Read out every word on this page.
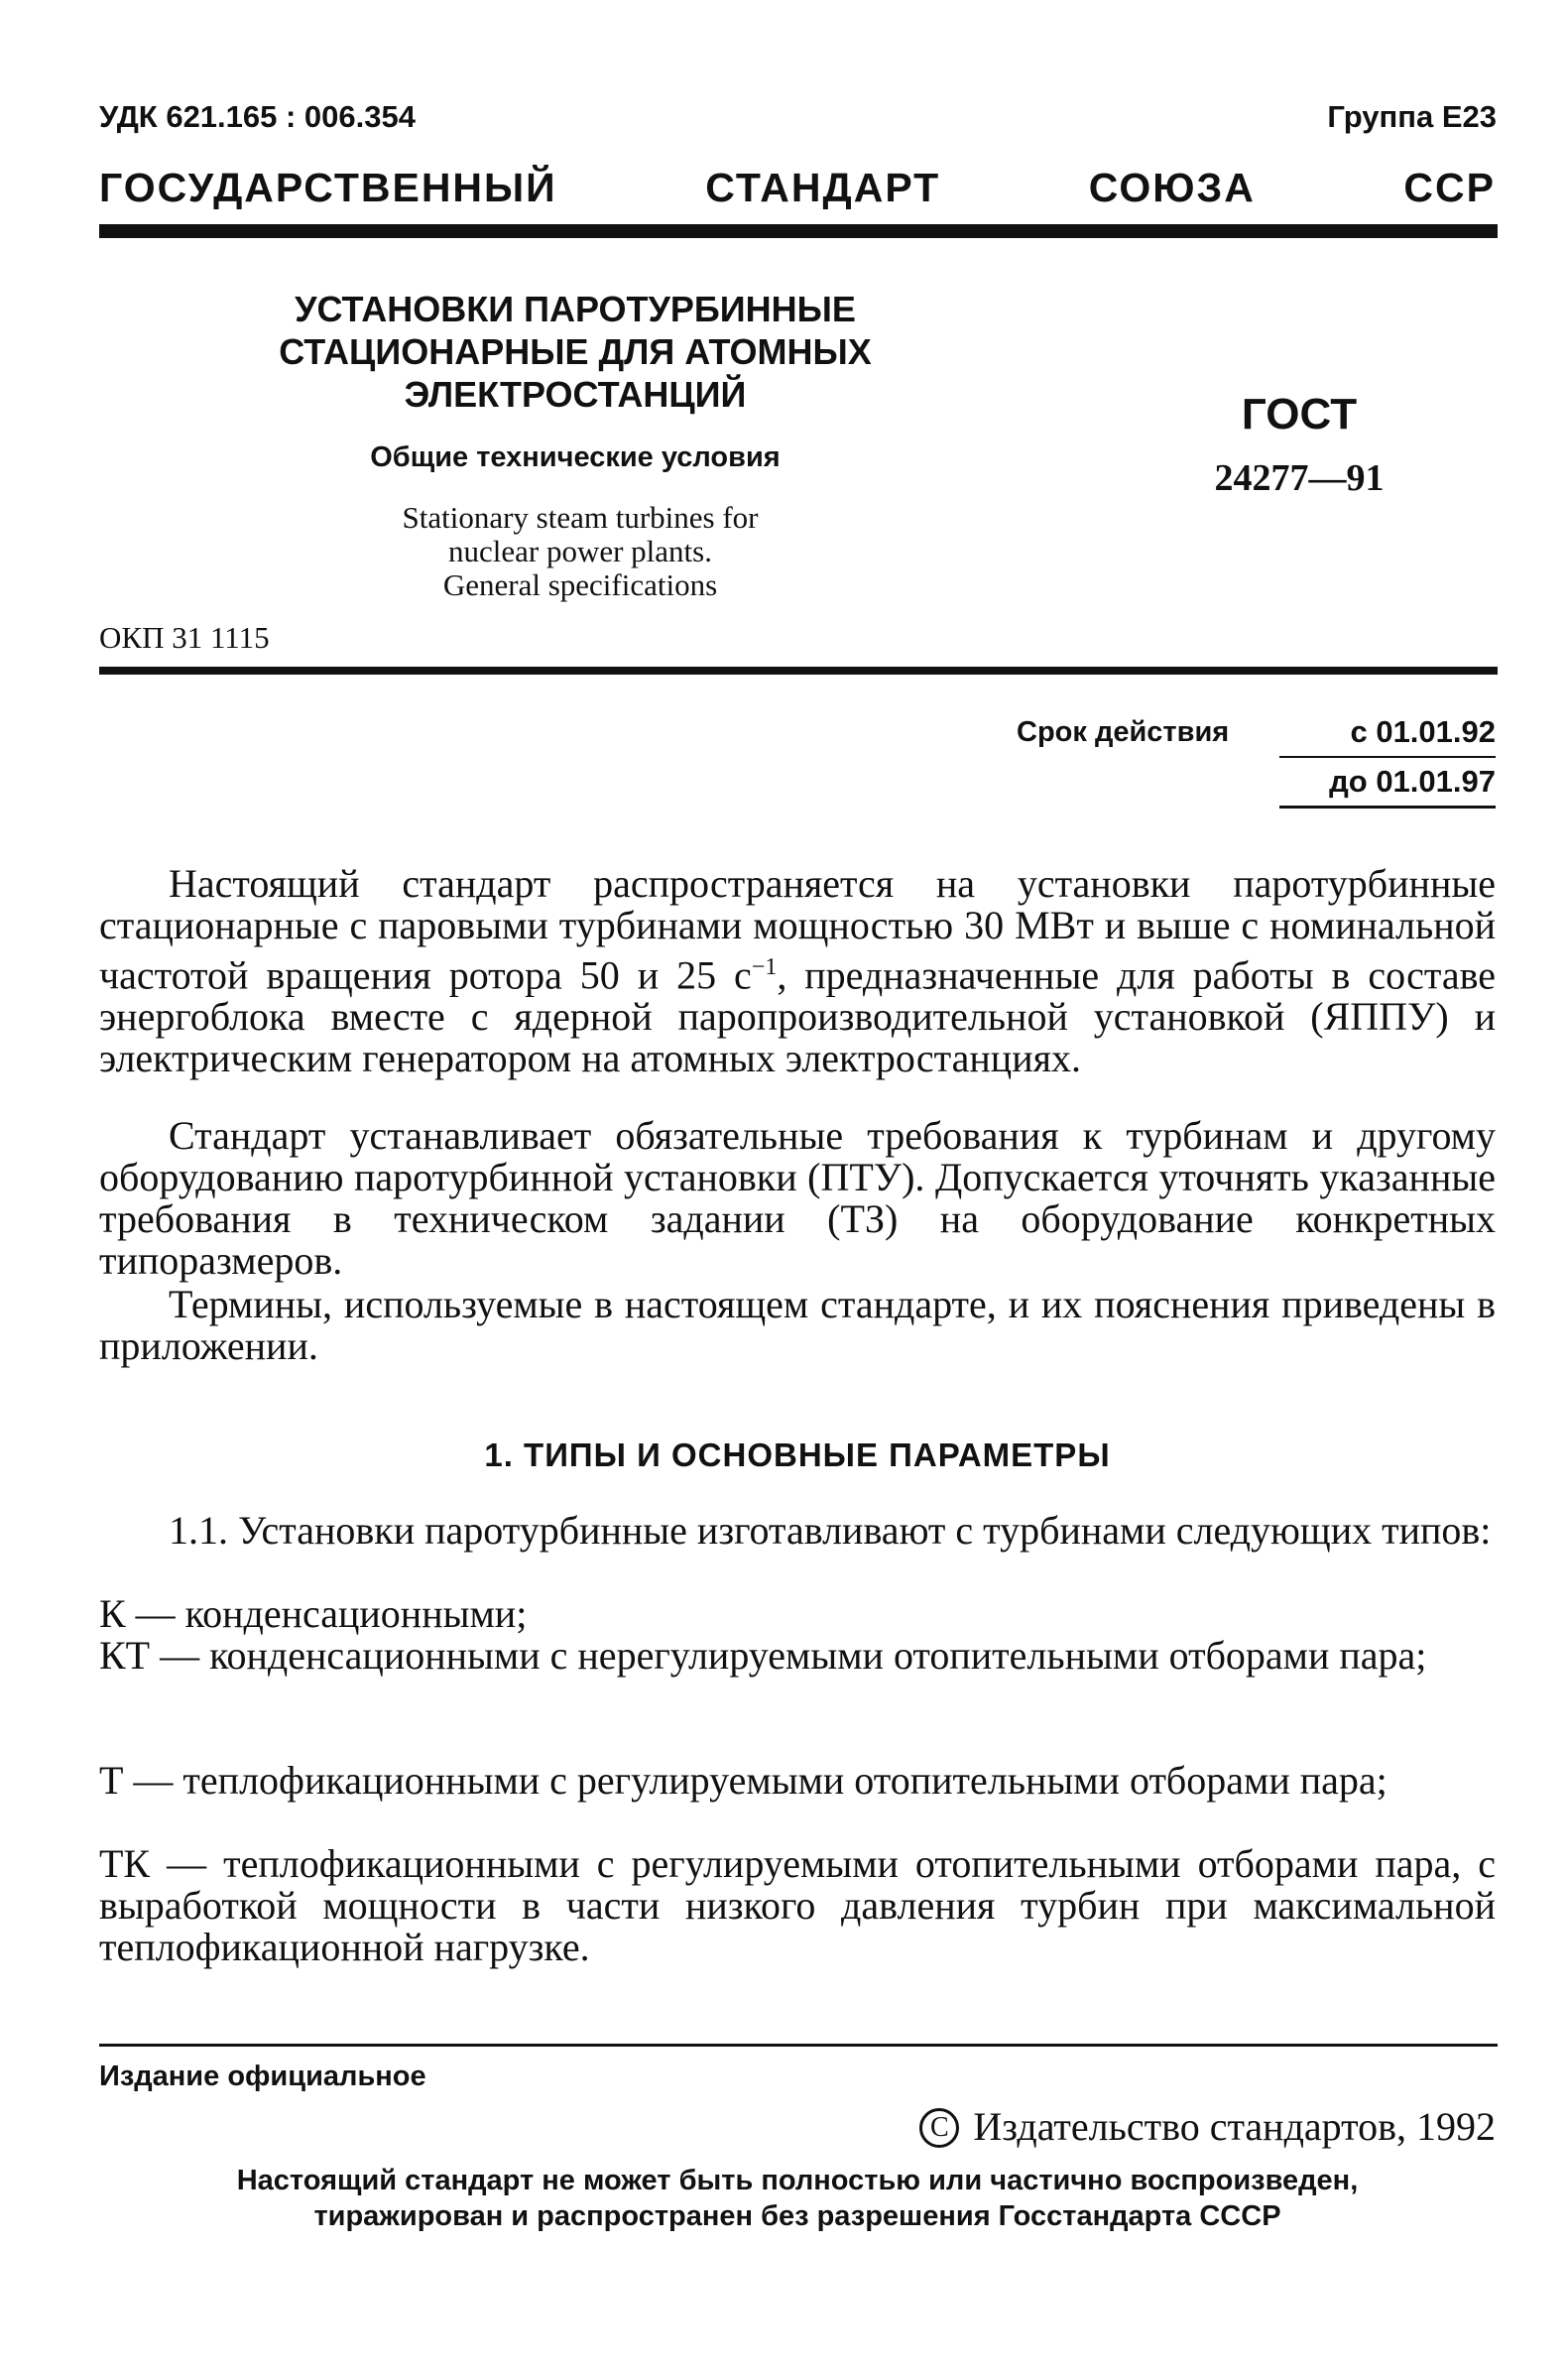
УДК 621.165 : 006.354	Группа Е23
ГОСУДАРСТВЕННЫЙ СТАНДАРТ СОЮЗА ССР
УСТАНОВКИ ПАРОТУРБИННЫЕ
СТАЦИОНАРНЫЕ ДЛЯ АТОМНЫХ
ЭЛЕКТРОСТАНЦИЙ
Общие технические условия
Stationary steam turbines for
nuclear power plants.
General specifications
ОКП 31 1115
ГОСТ
24277—91
Срок действия	с 01.01.92
до 01.01.97
Настоящий стандарт распространяется на установки паротурбинные стационарные с паровыми турбинами мощностью 30 МВт и выше с номинальной частотой вращения ротора 50 и 25 $с^{-1}$, предназначенные для работы в составе энергоблока вместе с ядерной паропроизводительной установкой (ЯППУ) и электрическим генератором на атомных электростанциях.
Стандарт устанавливает обязательные требования к турбинам и другому оборудованию паротурбинной установки (ПТУ). Допускается уточнять указанные требования в техническом задании (ТЗ) на оборудование конкретных типоразмеров.
Термины, используемые в настоящем стандарте, и их пояснения приведены в приложении.
1. ТИПЫ И ОСНОВНЫЕ ПАРАМЕТРЫ
1.1. Установки паротурбинные изготавливают с турбинами следующих типов:
К — конденсационными;
КТ — конденсационными с нерегулируемыми отопительными отборами пара;
Т — теплофикационными с регулируемыми отопительными отборами пара;
ТК — теплофикационными с регулируемыми отопительными отборами пара, с выработкой мощности в части низкого давления турбин при максимальной теплофикационной нагрузке.
Издание официальное
С Издательство стандартов, 1992
Настоящий стандарт не может быть полностью или частично воспроизведен,
тиражирован и распространен без разрешения Госстандарта СССР
